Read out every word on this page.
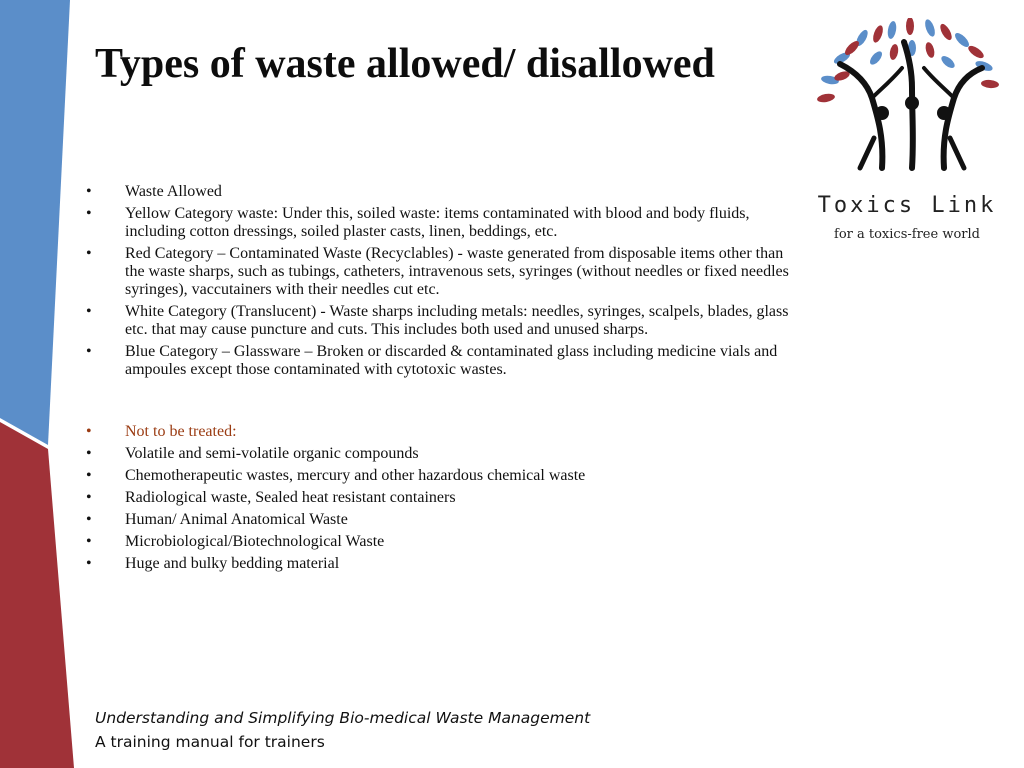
Types of waste allowed/ disallowed
Toxics Link
for a toxics-free world
• Waste Allowed
• Yellow Category waste: Under this, soiled waste: items contaminated with blood and body fluids, including cotton dressings, soiled plaster casts, linen, beddings, etc.
• Red Category – Contaminated Waste (Recyclables) - waste generated from disposable items other than the waste sharps, such as tubings, catheters, intravenous sets, syringes (without needles or fixed needles syringes), vaccutainers with their needles cut etc.
• White Category (Translucent) - Waste sharps including metals: needles, syringes, scalpels, blades, glass etc. that may cause puncture and cuts. This includes both used and unused sharps.
• Blue Category – Glassware – Broken or discarded & contaminated glass including medicine vials and ampoules except those contaminated with cytotoxic wastes.
• Not to be treated:
• Volatile and semi-volatile organic compounds
• Chemotherapeutic wastes, mercury and other hazardous chemical waste
• Radiological waste, Sealed heat resistant containers
• Human/ Animal Anatomical Waste
• Microbiological/Biotechnological Waste
• Huge and bulky bedding material
Understanding and Simplifying Bio-medical Waste Management
A training manual for trainers
